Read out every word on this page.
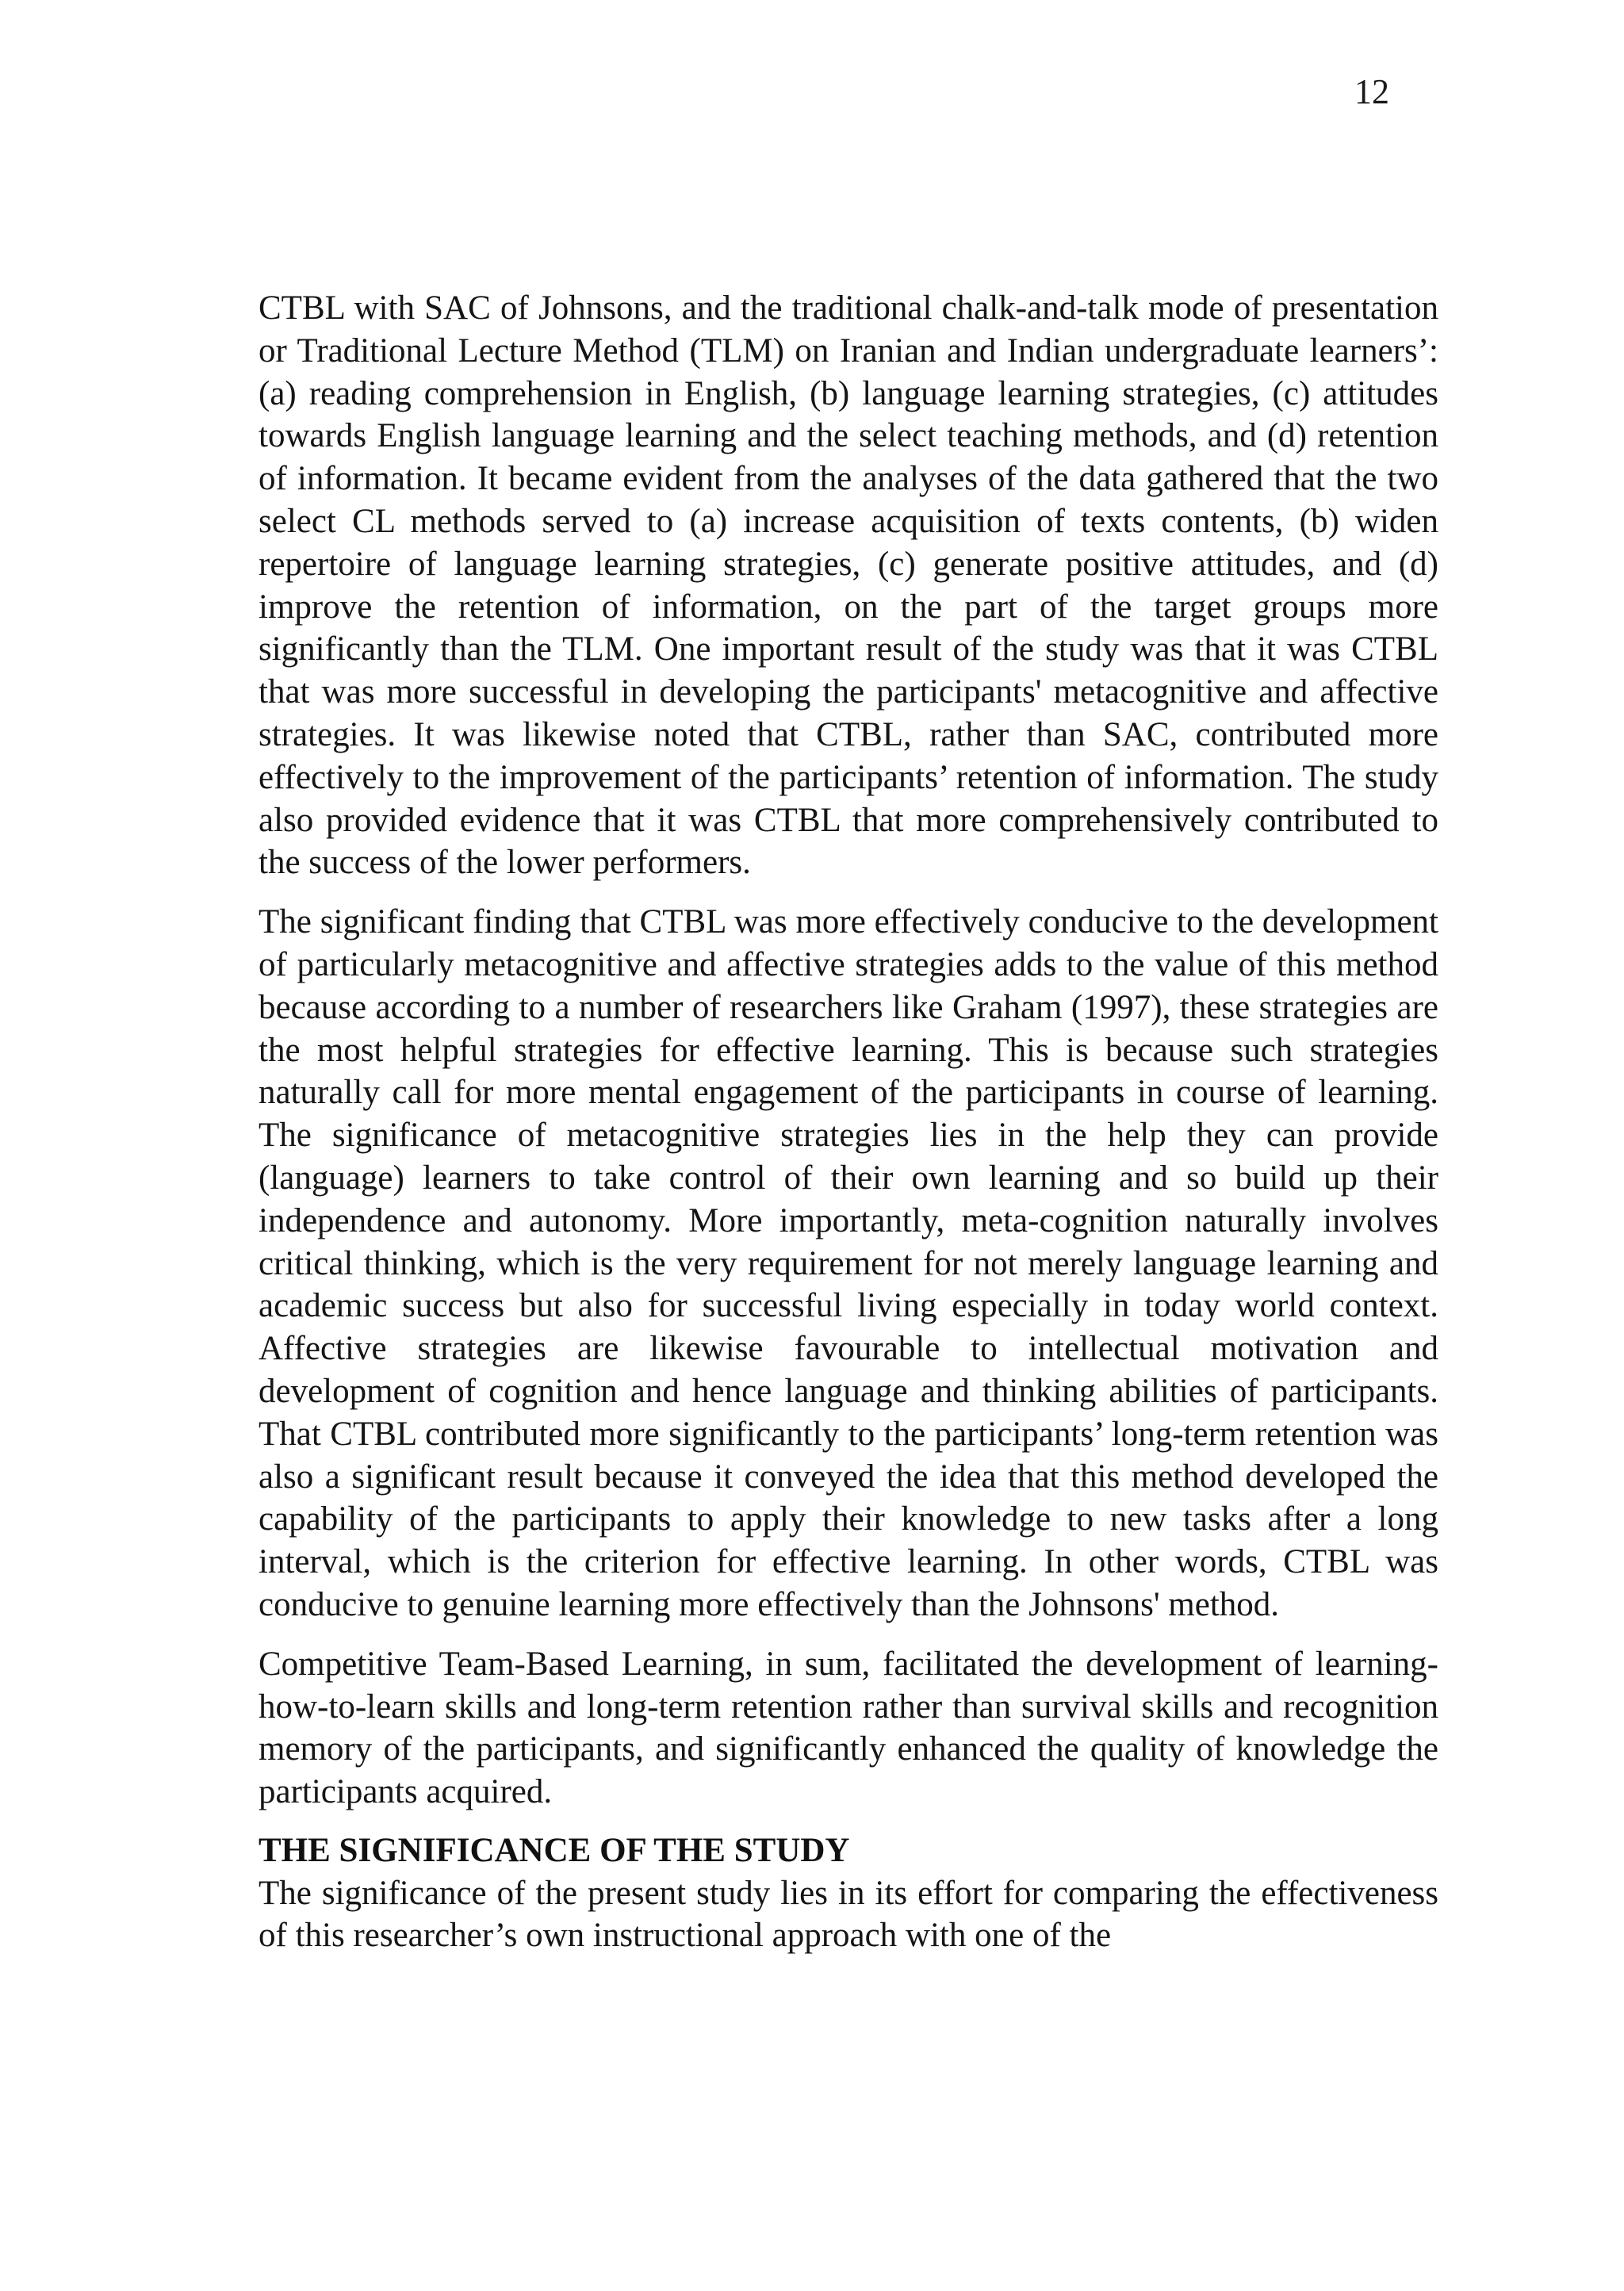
12

CTBL with SAC of Johnsons, and the traditional chalk-and-talk mode of presentation or Traditional Lecture Method (TLM) on Iranian and Indian undergraduate learners’: (a) reading comprehension in English, (b) language learning strategies, (c) attitudes towards English language learning and the select teaching methods, and (d) retention of information. It became evident from the analyses of the data gathered that the two select CL methods served to (a) increase acquisition of texts contents, (b) widen repertoire of language learning strategies, (c) generate positive attitudes, and (d) improve the retention of information, on the part of the target groups more significantly than the TLM. One important result of the study was that it was CTBL that was more successful in developing the participants' metacognitive and affective strategies. It was likewise noted that CTBL, rather than SAC, contributed more effectively to the improvement of the participants’ retention of information. The study also provided evidence that it was CTBL that more comprehensively contributed to the success of the lower performers.

The significant finding that CTBL was more effectively conducive to the development of particularly metacognitive and affective strategies adds to the value of this method because according to a number of researchers like Graham (1997), these strategies are the most helpful strategies for effective learning. This is because such strategies naturally call for more mental engagement of the participants in course of learning. The significance of metacognitive strategies lies in the help they can provide (language) learners to take control of their own learning and so build up their independence and autonomy. More importantly, meta-cognition naturally involves critical thinking, which is the very requirement for not merely language learning and academic success but also for successful living especially in today world context. Affective strategies are likewise favourable to intellectual motivation and development of cognition and hence language and thinking abilities of participants. That CTBL contributed more significantly to the participants’ long-term retention was also a significant result because it conveyed the idea that this method developed the capability of the participants to apply their knowledge to new tasks after a long interval, which is the criterion for effective learning. In other words, CTBL was conducive to genuine learning more effectively than the Johnsons' method.

Competitive Team-Based Learning, in sum, facilitated the development of learning-how-to-learn skills and long-term retention rather than survival skills and recognition memory of the participants, and significantly enhanced the quality of knowledge the participants acquired.

THE SIGNIFICANCE OF THE STUDY

The significance of the present study lies in its effort for comparing the effectiveness of this researcher’s own instructional approach with one of the
